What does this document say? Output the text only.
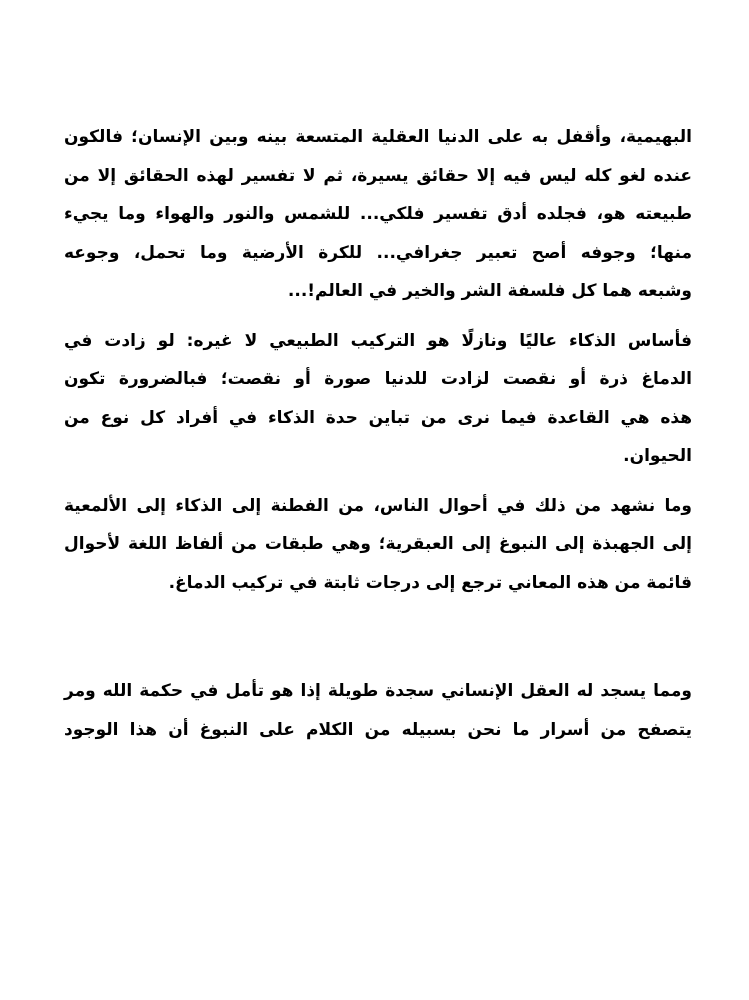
البهيمية، وأقفل به على الدنيا العقلية المتسعة بينه وبين الإنسان؛ فالكون
عنده لغو كله ليس فيه إلا حقائق يسيرة، ثم لا تفسير لهذه الحقائق إلا من
طبيعته هو، فجلده أدق تفسير فلكي... للشمس والنور والهواء وما يجيء
منها؛ وجوفه أصح تعبير جغرافي... للكرة الأرضية وما تحمل، وجوعه
وشبعه هما كل فلسفة الشر والخير في العالم!...

فأساس الذكاء عاليًا ونازلًا هو التركيب الطبيعي لا غيره: لو زادت في
الدماغ ذرة أو نقصت لزادت للدنيا صورة أو نقصت؛ فبالضرورة تكون
هذه هي القاعدة فيما نرى من تباين حدة الذكاء في أفراد كل نوع من
الحيوان.

وما نشهد من ذلك في أحوال الناس، من الفطنة إلى الذكاء إلى الألمعية
إلى الجهبذة إلى النبوغ إلى العبقرية؛ وهي طبقات من ألفاظ اللغة لأحوال
قائمة من هذه المعاني ترجع إلى درجات ثابتة في تركيب الدماغ.

ومما يسجد له العقل الإنساني سجدة طويلة إذا هو تأمل في حكمة الله ومر
يتصفح من أسرار ما نحن بسبيله من الكلام على النبوغ أن هذا الوجود
